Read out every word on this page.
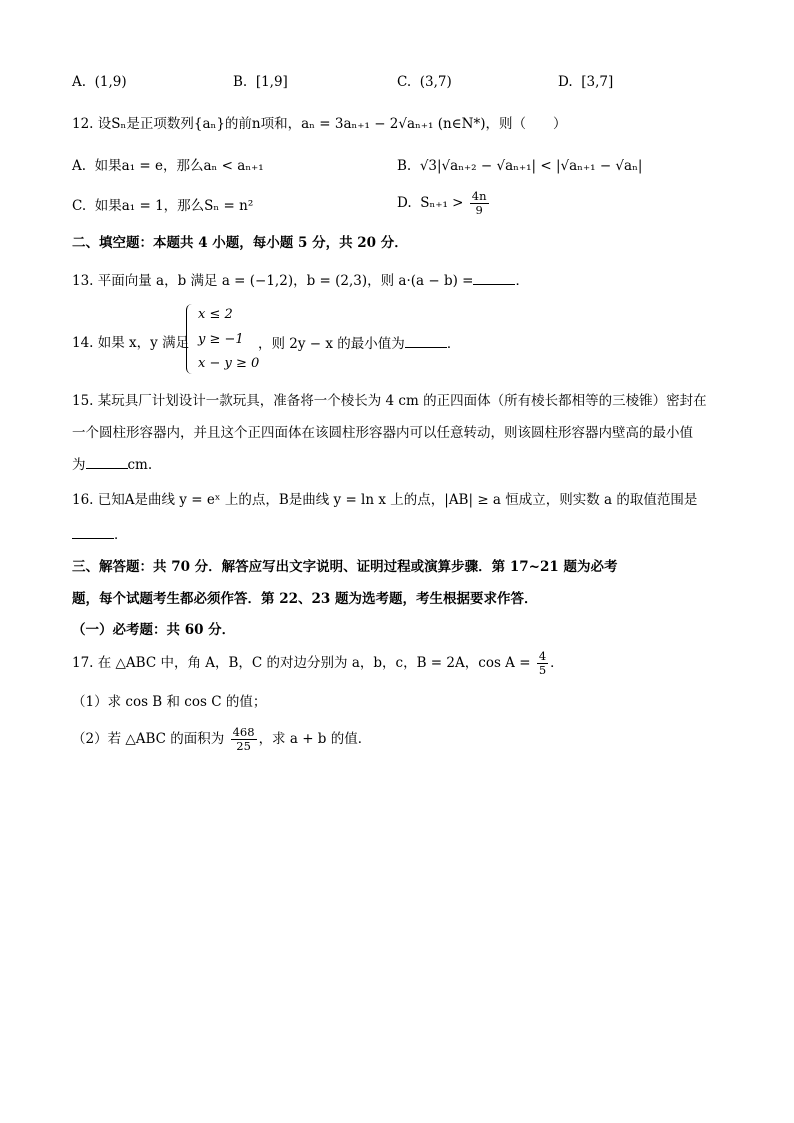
A. (1,9)	B. [1,9]	C. (3,7)	D. [3,7]
12. 设Sₙ是正项数列{aₙ}的前n项和，aₙ = 3aₙ₊₁ − 2√aₙ₊₁ (n∈N*)，则（　　）
A. 如果a₁ = e，那么aₙ < aₙ₊₁	B. √3|√aₙ₊₂ − √aₙ₊₁| < |√aₙ₊₁ − √aₙ|
C. 如果a₁ = 1，那么Sₙ = n²	D. $S_{n+1} > \frac{4n}{9}$
二、填空题：本题共 4 小题，每小题 5 分，共 20 分．
13. 平面向量 a，b 满足 a = (−1,2)，b = (2,3)，则 a·(a − b) =	．
14. 如果 x，y 满足
x ≤ 2
y ≥ −1
x − y ≥ 0
，则 2y − x 的最小值为	．
15. 某玩具厂计划设计一款玩具，准备将一个棱长为 4 cm 的正四面体（所有棱长都相等的三棱锥）密封在
一个圆柱形容器内，并且这个正四面体在该圆柱形容器内可以任意转动，则该圆柱形容器内壁高的最小值
为	cm.
16. 已知A是曲线 y = eˣ 上的点，B是曲线 y = ln x 上的点，|AB| ≥ a 恒成立，则实数 a 的取值范围是
．
三、解答题：共 70 分．解答应写出文字说明、证明过程或演算步骤．第 17~21 题为必考
题，每个试题考生都必须作答．第 22、23 题为选考题，考生根据要求作答．
（一）必考题：共 60 分．
17. 在 △ABC 中，角 A，B，C 的对边分别为 a，b，c，B = 2A，$\cos A = \frac{4}{5}$ ．
（1）求 cos B 和 cos C 的值；
（2）若 △ABC 的面积为 $\frac{468}{25}$ ，求 a + b 的值．
